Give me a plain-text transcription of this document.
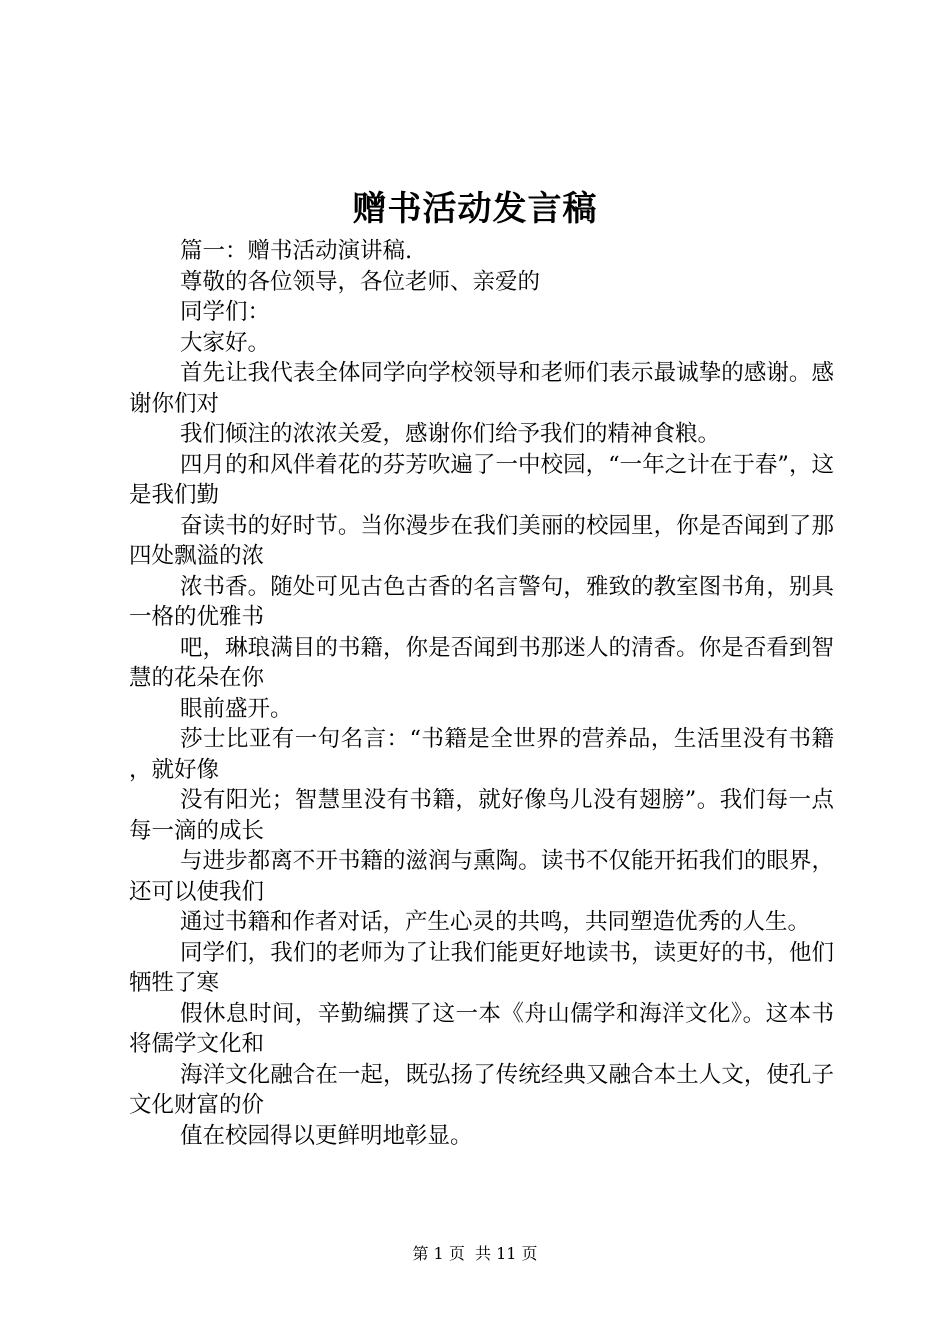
赠书活动发言稿

篇一：赠书活动演讲稿.

尊敬的各位领导，各位老师、亲爱的

同学们：

大家好。

首先让我代表全体同学向学校领导和老师们表示最诚挚的感谢。感谢你们对

我们倾注的浓浓关爱，感谢你们给予我们的精神食粮。

四月的和风伴着花的芬芳吹遍了一中校园，“一年之计在于春”，这是我们勤

奋读书的好时节。当你漫步在我们美丽的校园里，你是否闻到了那四处飘溢的浓

浓书香。随处可见古色古香的名言警句，雅致的教室图书角，别具一格的优雅书

吧，琳琅满目的书籍，你是否闻到书那迷人的清香。你是否看到智慧的花朵在你

眼前盛开。

莎士比亚有一句名言：“书籍是全世界的营养品，生活里没有书籍，就好像

没有阳光；智慧里没有书籍，就好像鸟儿没有翅膀”。我们每一点每一滴的成长

与进步都离不开书籍的滋润与熏陶。读书不仅能开拓我们的眼界，还可以使我们

通过书籍和作者对话，产生心灵的共鸣，共同塑造优秀的人生。

同学们，我们的老师为了让我们能更好地读书，读更好的书，他们牺牲了寒

假休息时间，辛勤编撰了这一本《舟山儒学和海洋文化》。这本书将儒学文化和

海洋文化融合在一起，既弘扬了传统经典又融合本土人文，使孔子文化财富的价

值在校园得以更鲜明地彰显。

第 1 页  共 11 页
